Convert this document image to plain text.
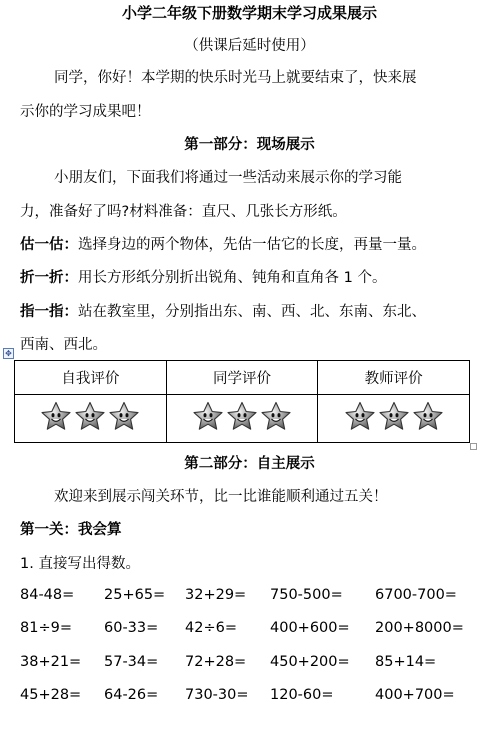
小学二年级下册数学期末学习成果展示
（供课后延时使用）
同学，你好！本学期的快乐时光马上就要结束了，快来展
示你的学习成果吧！
第一部分：现场展示
小朋友们，下面我们将通过一些活动来展示你的学习能
力，准备好了吗?材料准备：直尺、几张长方形纸。
估一估：选择身边的两个物体，先估一估它的长度，再量一量。
折一折：用长方形纸分别折出锐角、钝角和直角各 1 个。
指一指：站在教室里，分别指出东、南、西、北、东南、东北、
西南、西北。
✥
自我评价	同学评价	教师评价

第二部分：自主展示
欢迎来到展示闯关环节，比一比谁能顺利通过五关！
第一关：我会算
1. 直接写出得数。
84-48= 25+65= 32+29= 750-500= 6700-700=
81÷9= 60-33= 42÷6= 400+600= 200+8000=
38+21= 57-34= 72+28= 450+200= 85+14=
45+28= 64-26= 730-30= 120-60=	400+700=
